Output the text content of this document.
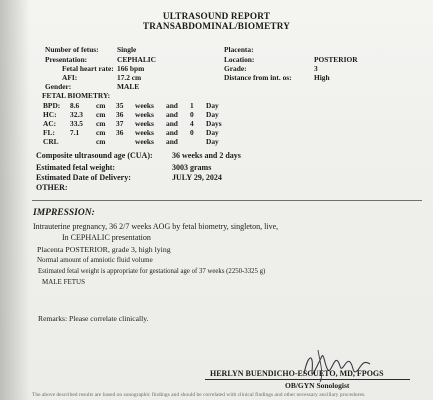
ULTRASOUND REPORT
TRANSABDOMINAL/BIOMETRY
Number of fetus: Single
Presentation:	CEPHALIC
Fetal heart rate: 166 bpm
AFI:	17.2 cm
Gender:	MALE
Placenta:
Location:	POSTERIOR
Grade:	3
Distance from int. os:	High
FETAL BIOMETRY:
BPD: 8.6 cm 35 weeks and 1 Day
HC: 32.3 cm 36 weeks and 0 Day
AC: 33.5 cm 37 weeks and 4 Days
FL: 7.1 cm 36 weeks and 0 Day
CRL	cm	weeks and	Day
Composite ultrasound age (CUA): 36 weeks and 2 days
Estimated fetal weight:	3003 grams
Estimated Date of Delivery:	JULY 29, 2024
OTHER:
IMPRESSION:
Intrauterine pregnancy, 36 2/7 weeks AOG by fetal biometry, singleton, live,
In CEPHALIC presentation
Placenta POSTERIOR, grade 3, high lying
Normal amount of amniotic fluid volume
Estimated fetal weight is appropriate for gestational age of 37 weeks (2250-3325 g)
MALE FETUS
Remarks: Please correlate clinically.
HERLYN BUENDICHO-ESCUETO, MD, FPOGS
OB/GYN Sonologist
The above described results are based on sonographic findings and should be correlated with clinical findings and other necessary ancillary procedures.
